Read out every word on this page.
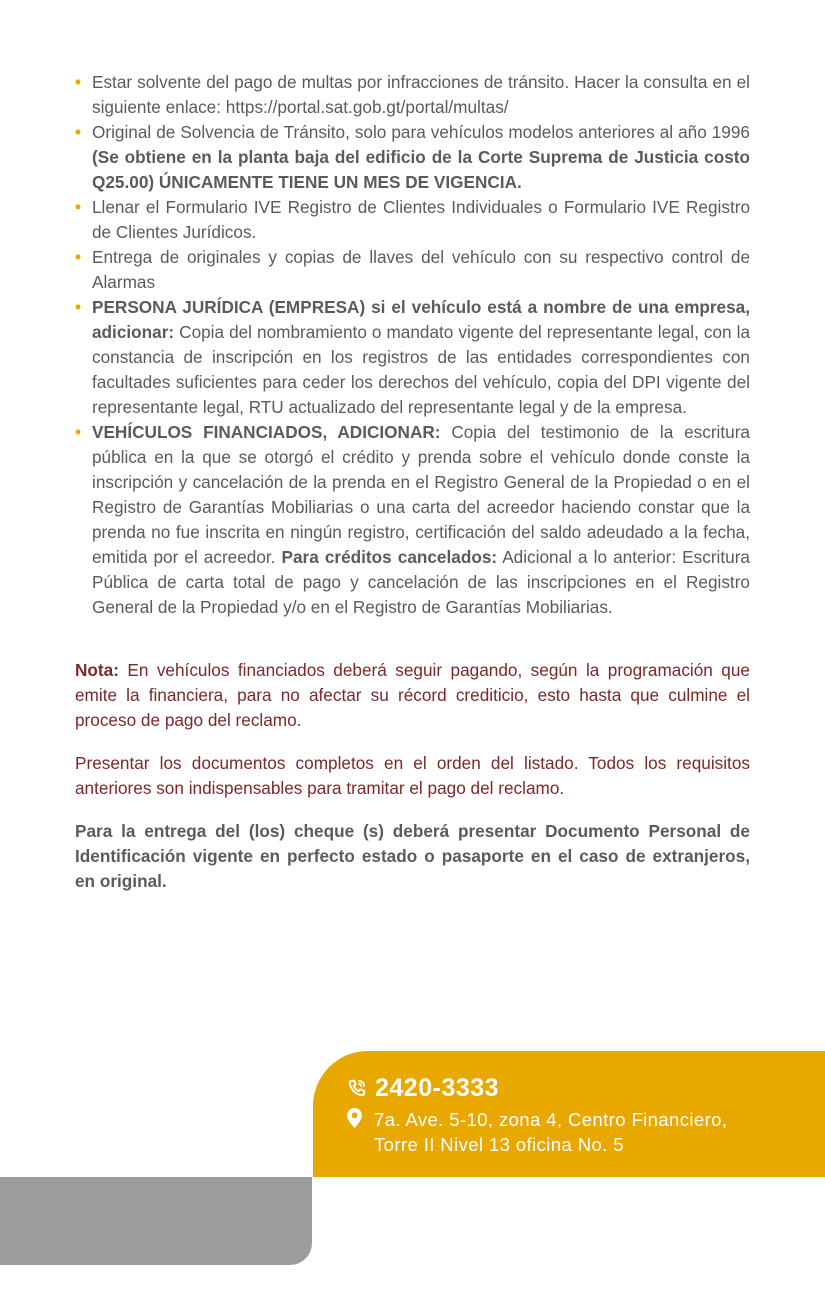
• Estar solvente del pago de multas por infracciones de tránsito. Hacer la consulta en el siguiente enlace: https://portal.sat.gob.gt/portal/multas/
• Original de Solvencia de Tránsito, solo para vehículos modelos anteriores al año 1996 (Se obtiene en la planta baja del edificio de la Corte Suprema de Justicia costo Q25.00) ÚNICAMENTE TIENE UN MES DE VIGENCIA.
• Llenar el Formulario IVE Registro de Clientes Individuales o Formulario IVE Registro de Clientes Jurídicos.
• Entrega de originales y copias de llaves del vehículo con su respectivo control de Alarmas
• PERSONA JURÍDICA (EMPRESA) si el vehículo está a nombre de una empresa, adicionar: Copia del nombramiento o mandato vigente del representante legal, con la constancia de inscripción en los registros de las entidades correspondientes con facultades suficientes para ceder los derechos del vehículo, copia del DPI vigente del representante legal, RTU actualizado del representante legal y de la empresa.
• VEHÍCULOS FINANCIADOS, ADICIONAR: Copia del testimonio de la escritura pública en la que se otorgó el crédito y prenda sobre el vehículo donde conste la inscripción y cancelación de la prenda en el Registro General de la Propiedad o en el Registro de Garantías Mobiliarias o una carta del acreedor haciendo constar que la prenda no fue inscrita en ningún registro, certificación del saldo adeudado a la fecha, emitida por el acreedor. Para créditos cancelados: Adicional a lo anterior: Escritura Pública de carta total de pago y cancelación de las inscripciones en el Registro General de la Propiedad y/o en el Registro de Garantías Mobiliarias.

Nota: En vehículos financiados deberá seguir pagando, según la programación que emite la financiera, para no afectar su récord crediticio, esto hasta que culmine el proceso de pago del reclamo.

Presentar los documentos completos en el orden del listado. Todos los requisitos anteriores son indispensables para tramitar el pago del reclamo.

Para la entrega del (los) cheque (s) deberá presentar Documento Personal de Identificación vigente en perfecto estado o pasaporte en el caso de extranjeros, en original.

2420-3333
7a. Ave. 5-10, zona 4, Centro Financiero,
Torre II Nivel 13 oficina No. 5
